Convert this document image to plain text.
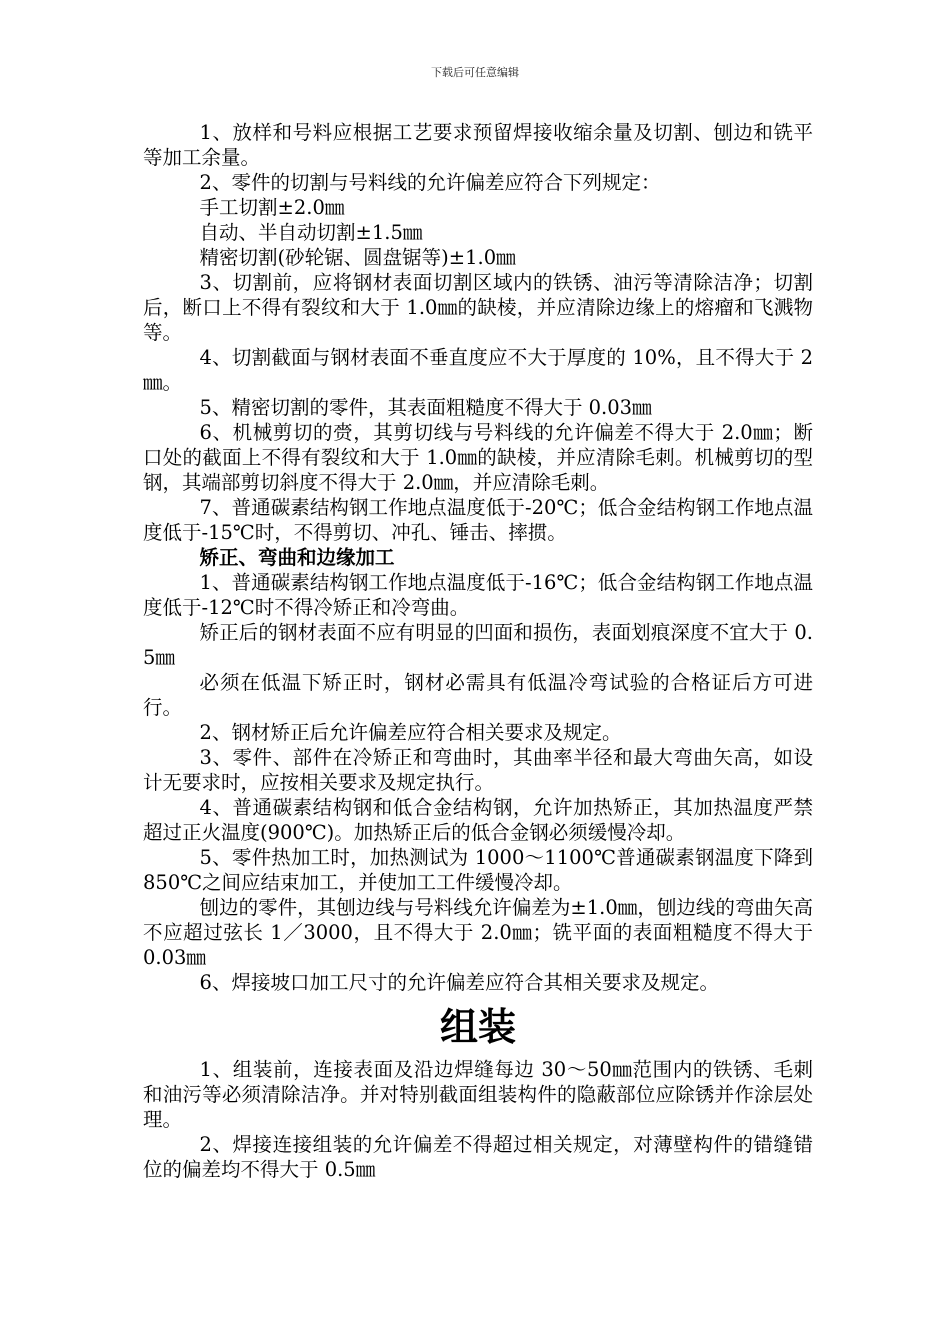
下载后可任意编辑

1、放样和号料应根据工艺要求预留焊接收缩余量及切割、刨边和铣平等加工余量。

2、零件的切割与号料线的允许偏差应符合下列规定：

手工切割±2.0㎜

自动、半自动切割±1.5㎜

精密切割(砂轮锯、圆盘锯等)±1.0㎜

3、切割前，应将钢材表面切割区域内的铁锈、油污等清除洁净；切割后，断口上不得有裂纹和大于 1.0㎜的缺棱，并应清除边缘上的熔瘤和飞溅物等。

4、切割截面与钢材表面不垂直度应不大于厚度的 10%，且不得大于 2㎜。

5、精密切割的零件，其表面粗糙度不得大于 0.03㎜

6、机械剪切的赍，其剪切线与号料线的允许偏差不得大于 2.0㎜；断口处的截面上不得有裂纹和大于 1.0㎜的缺棱，并应清除毛刺。机械剪切的型钢，其端部剪切斜度不得大于 2.0㎜，并应清除毛刺。

7、普通碳素结构钢工作地点温度低于-20℃；低合金结构钢工作地点温度低于-15℃时，不得剪切、冲孔、锤击、摔掼。

矫正、弯曲和边缘加工

1、普通碳素结构钢工作地点温度低于-16℃；低合金结构钢工作地点温度低于-12℃时不得冷矫正和冷弯曲。

矫正后的钢材表面不应有明显的凹面和损伤，表面划痕深度不宜大于 0.5㎜

必须在低温下矫正时，钢材必需具有低温冷弯试验的合格证后方可进行。

2、钢材矫正后允许偏差应符合相关要求及规定。

3、零件、部件在冷矫正和弯曲时，其曲率半径和最大弯曲矢高，如设计无要求时，应按相关要求及规定执行。

4、普通碳素结构钢和低合金结构钢，允许加热矫正，其加热温度严禁超过正火温度(900℃)。加热矫正后的低合金钢必须缓慢冷却。

5、零件热加工时，加热测试为 1000～1100℃普通碳素钢温度下降到 850℃之间应结束加工，并使加工工件缓慢冷却。

刨边的零件，其刨边线与号料线允许偏差为±1.0㎜，刨边线的弯曲矢高不应超过弦长 1／3000，且不得大于 2.0㎜；铣平面的表面粗糙度不得大于 0.03㎜

6、焊接坡口加工尺寸的允许偏差应符合其相关要求及规定。

组装

1、组装前，连接表面及沿边焊缝每边 30～50㎜范围内的铁锈、毛刺和油污等必须清除洁净。并对特别截面组装构件的隐蔽部位应除锈并作涂层处理。

2、焊接连接组装的允许偏差不得超过相关规定，对薄壁构件的错缝错位的偏差均不得大于 0.5㎜
